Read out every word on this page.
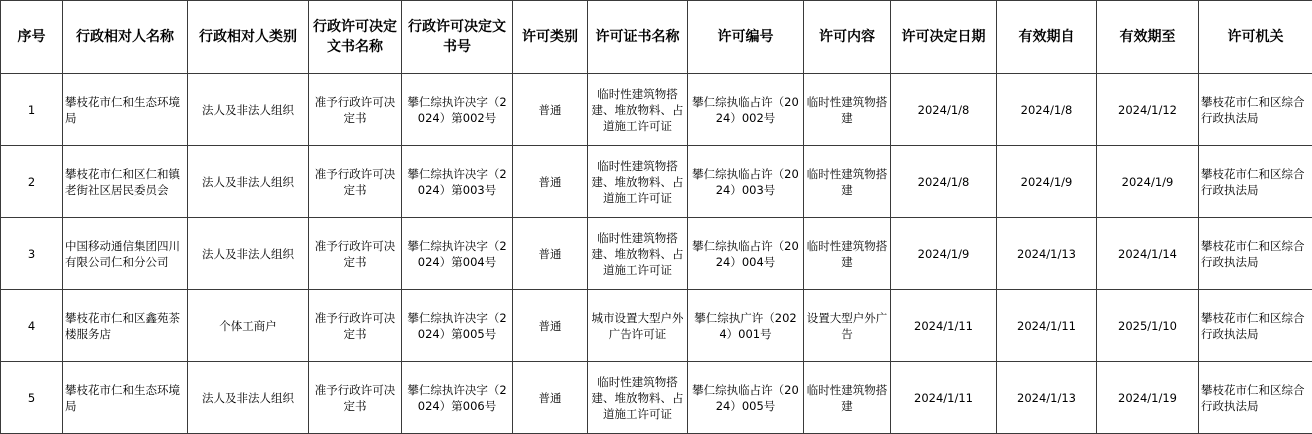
序号	行政相对人名称	行政相对人类别	行政许可决定文书名称	行政许可决定文书号	许可类别	许可证书名称	许可编号	许可内容	许可决定日期	有效期自	有效期至	许可机关
1	攀枝花市仁和生态环境局	法人及非法人组织	准予行政许可决定书	攀仁综执许决字（2024）第002号	普通	临时性建筑物搭建、堆放物料、占道施工许可证	攀仁综执临占许（2024）002号	临时性建筑物搭建	2024/1/8	2024/1/8	2024/1/12	攀枝花市仁和区综合行政执法局
2	攀枝花市仁和区仁和镇老街社区居民委员会	法人及非法人组织	准予行政许可决定书	攀仁综执许决字（2024）第003号	普通	临时性建筑物搭建、堆放物料、占道施工许可证	攀仁综执临占许（2024）003号	临时性建筑物搭建	2024/1/8	2024/1/9	2024/1/9	攀枝花市仁和区综合行政执法局
3	中国移动通信集团四川有限公司仁和分公司	法人及非法人组织	准予行政许可决定书	攀仁综执许决字（2024）第004号	普通	临时性建筑物搭建、堆放物料、占道施工许可证	攀仁综执临占许（2024）004号	临时性建筑物搭建	2024/1/9	2024/1/13	2024/1/14	攀枝花市仁和区综合行政执法局
4	攀枝花市仁和区鑫苑茶楼服务店	个体工商户	准予行政许可决定书	攀仁综执许决字（2024）第005号	普通	城市设置大型户外广告许可证	攀仁综执广许（2024）001号	设置大型户外广告	2024/1/11	2024/1/11	2025/1/10	攀枝花市仁和区综合行政执法局
5	攀枝花市仁和生态环境局	法人及非法人组织	准予行政许可决定书	攀仁综执许决字（2024）第006号	普通	临时性建筑物搭建、堆放物料、占道施工许可证	攀仁综执临占许（2024）005号	临时性建筑物搭建	2024/1/11	2024/1/13	2024/1/19	攀枝花市仁和区综合行政执法局
